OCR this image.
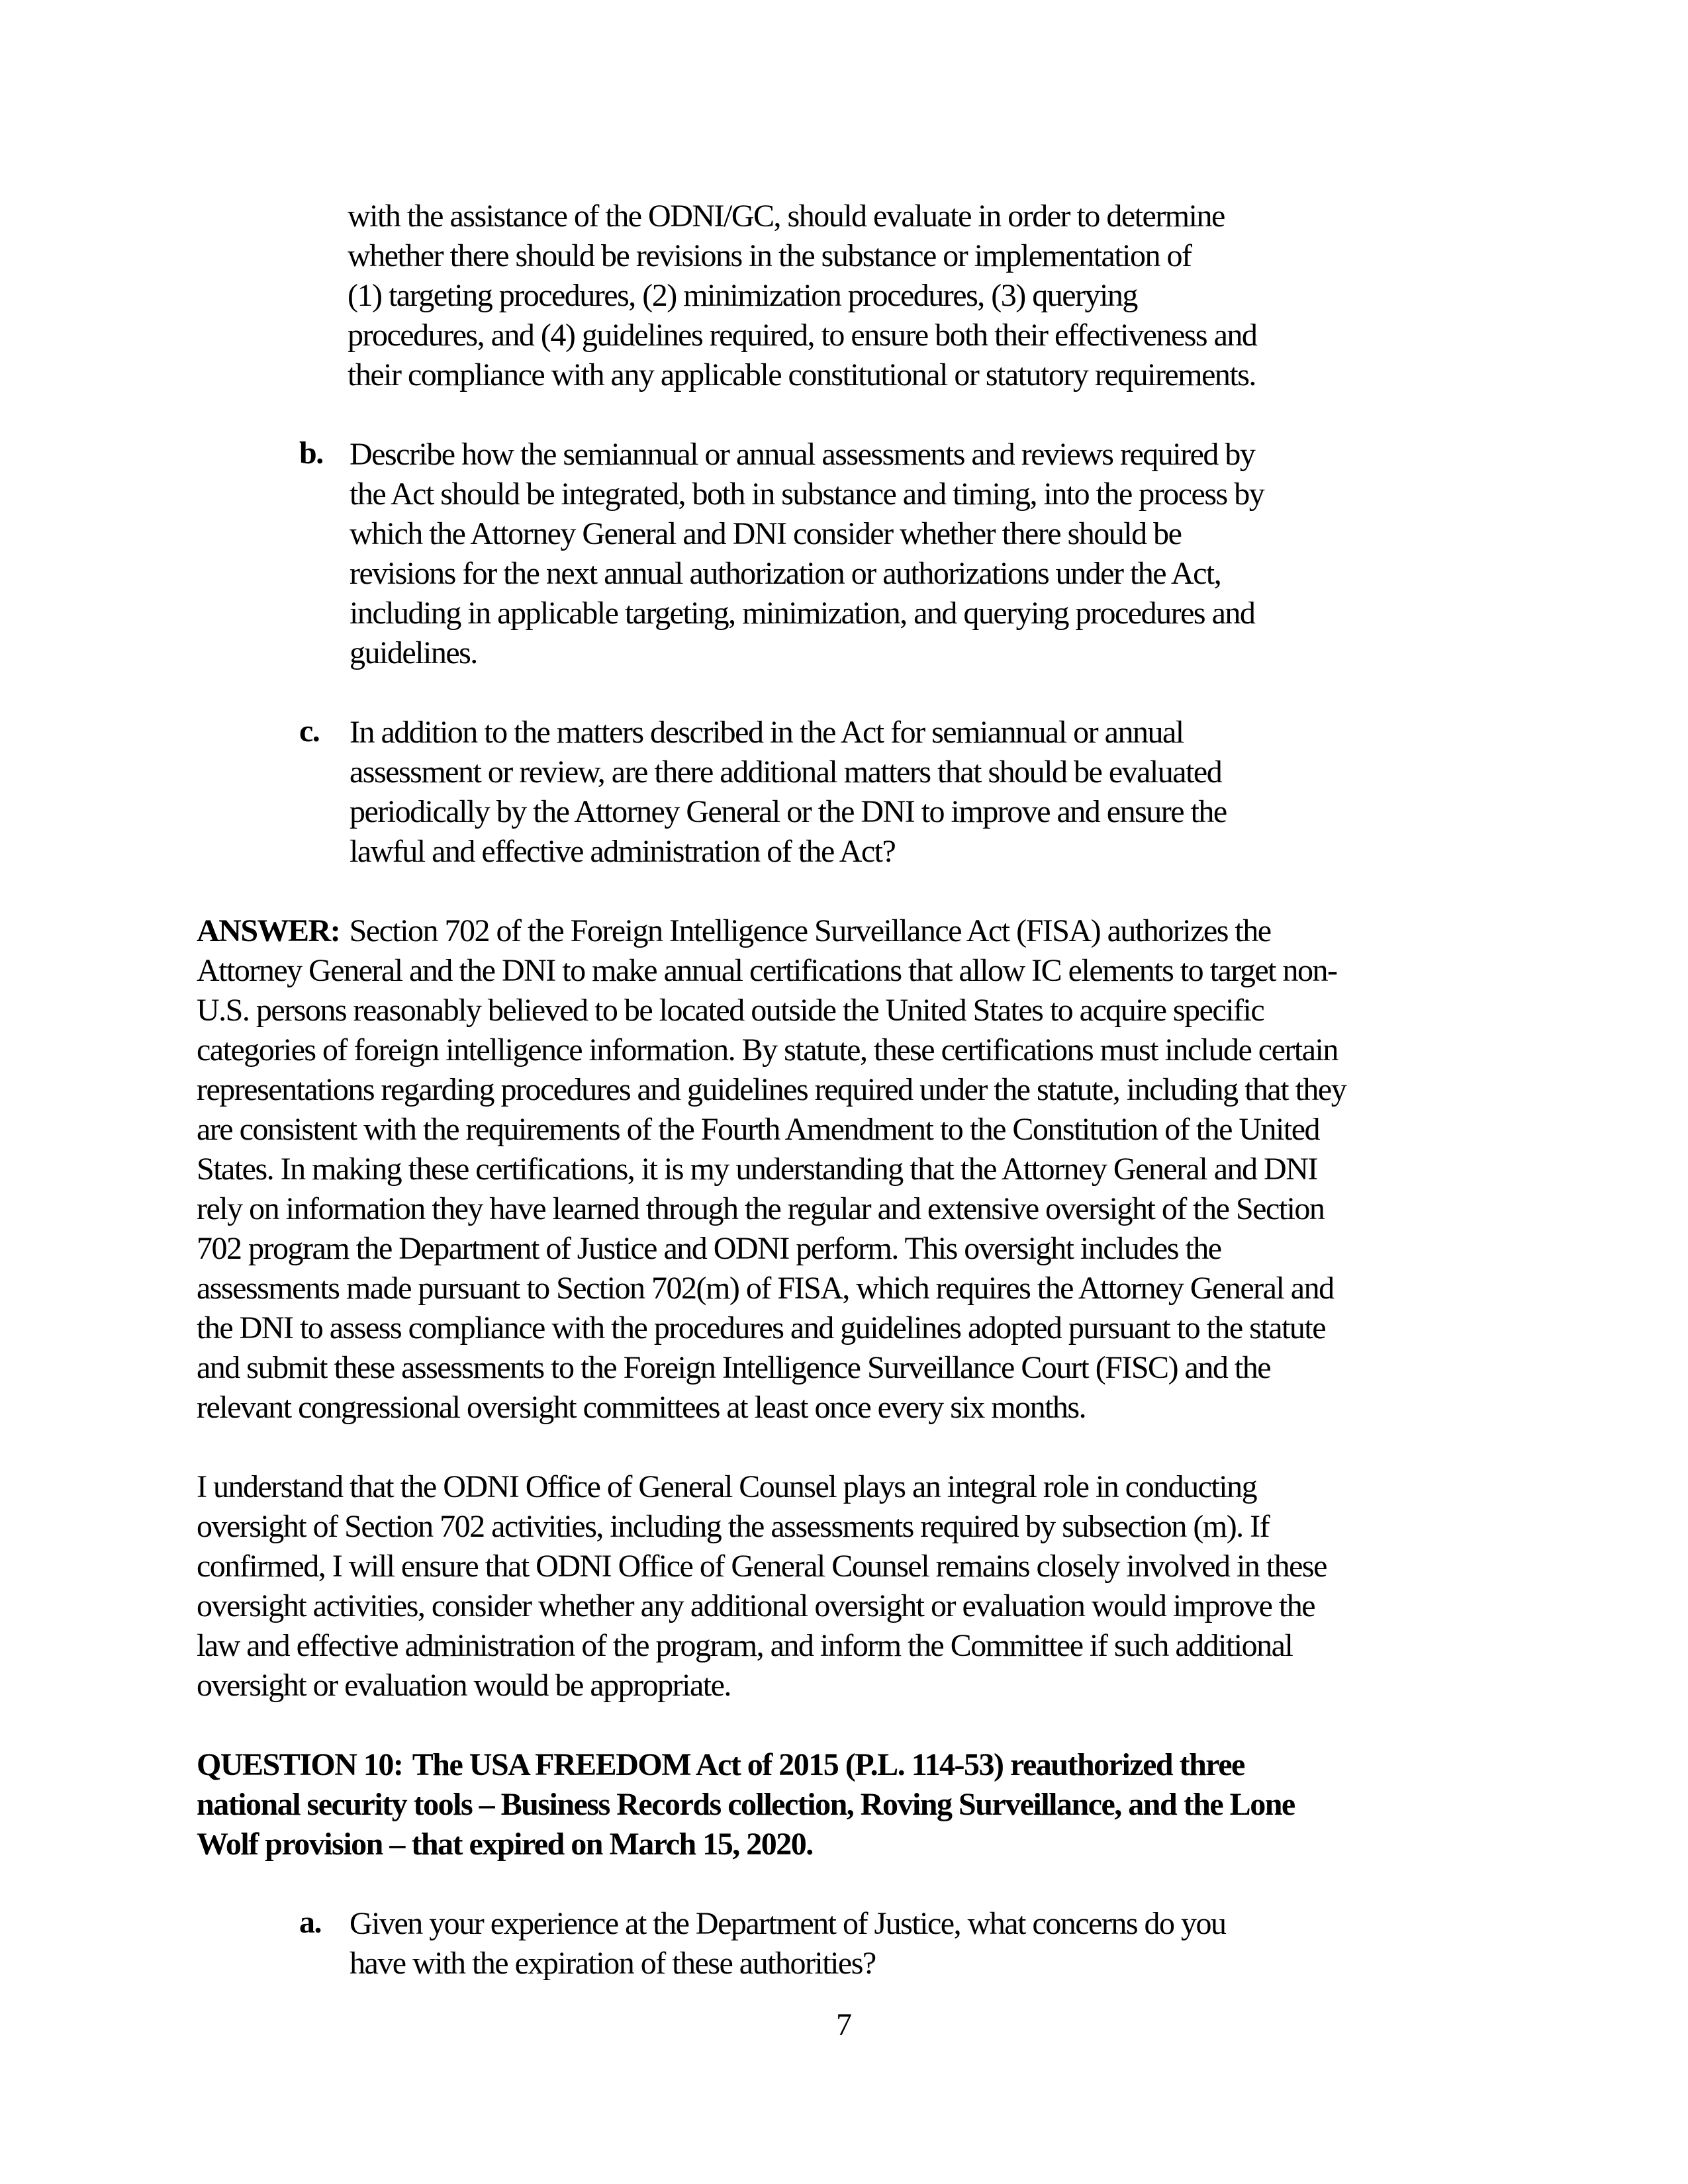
with the assistance of the ODNI/GC, should evaluate in order to determine
whether there should be revisions in the substance or implementation of
(1) targeting procedures, (2) minimization procedures, (3) querying
procedures, and (4) guidelines required, to ensure both their effectiveness and
their compliance with any applicable constitutional or statutory requirements.
b. Describe how the semiannual or annual assessments and reviews required by
the Act should be integrated, both in substance and timing, into the process by
which the Attorney General and DNI consider whether there should be
revisions for the next annual authorization or authorizations under the Act,
including in applicable targeting, minimization, and querying procedures and
guidelines.
c. In addition to the matters described in the Act for semiannual or annual
assessment or review, are there additional matters that should be evaluated
periodically by the Attorney General or the DNI to improve and ensure the
lawful and effective administration of the Act?
ANSWER: Section 702 of the Foreign Intelligence Surveillance Act (FISA) authorizes the
Attorney General and the DNI to make annual certifications that allow IC elements to target non-
U.S. persons reasonably believed to be located outside the United States to acquire specific
categories of foreign intelligence information. By statute, these certifications must include certain
representations regarding procedures and guidelines required under the statute, including that they
are consistent with the requirements of the Fourth Amendment to the Constitution of the United
States. In making these certifications, it is my understanding that the Attorney General and DNI
rely on information they have learned through the regular and extensive oversight of the Section
702 program the Department of Justice and ODNI perform. This oversight includes the
assessments made pursuant to Section 702(m) of FISA, which requires the Attorney General and
the DNI to assess compliance with the procedures and guidelines adopted pursuant to the statute
and submit these assessments to the Foreign Intelligence Surveillance Court (FISC) and the
relevant congressional oversight committees at least once every six months.
I understand that the ODNI Office of General Counsel plays an integral role in conducting
oversight of Section 702 activities, including the assessments required by subsection (m). If
confirmed, I will ensure that ODNI Office of General Counsel remains closely involved in these
oversight activities, consider whether any additional oversight or evaluation would improve the
law and effective administration of the program, and inform the Committee if such additional
oversight or evaluation would be appropriate.
QUESTION 10: The USA FREEDOM Act of 2015 (P.L. 114-53) reauthorized three
national security tools – Business Records collection, Roving Surveillance, and the Lone
Wolf provision – that expired on March 15, 2020.
a. Given your experience at the Department of Justice, what concerns do you
have with the expiration of these authorities?
7
